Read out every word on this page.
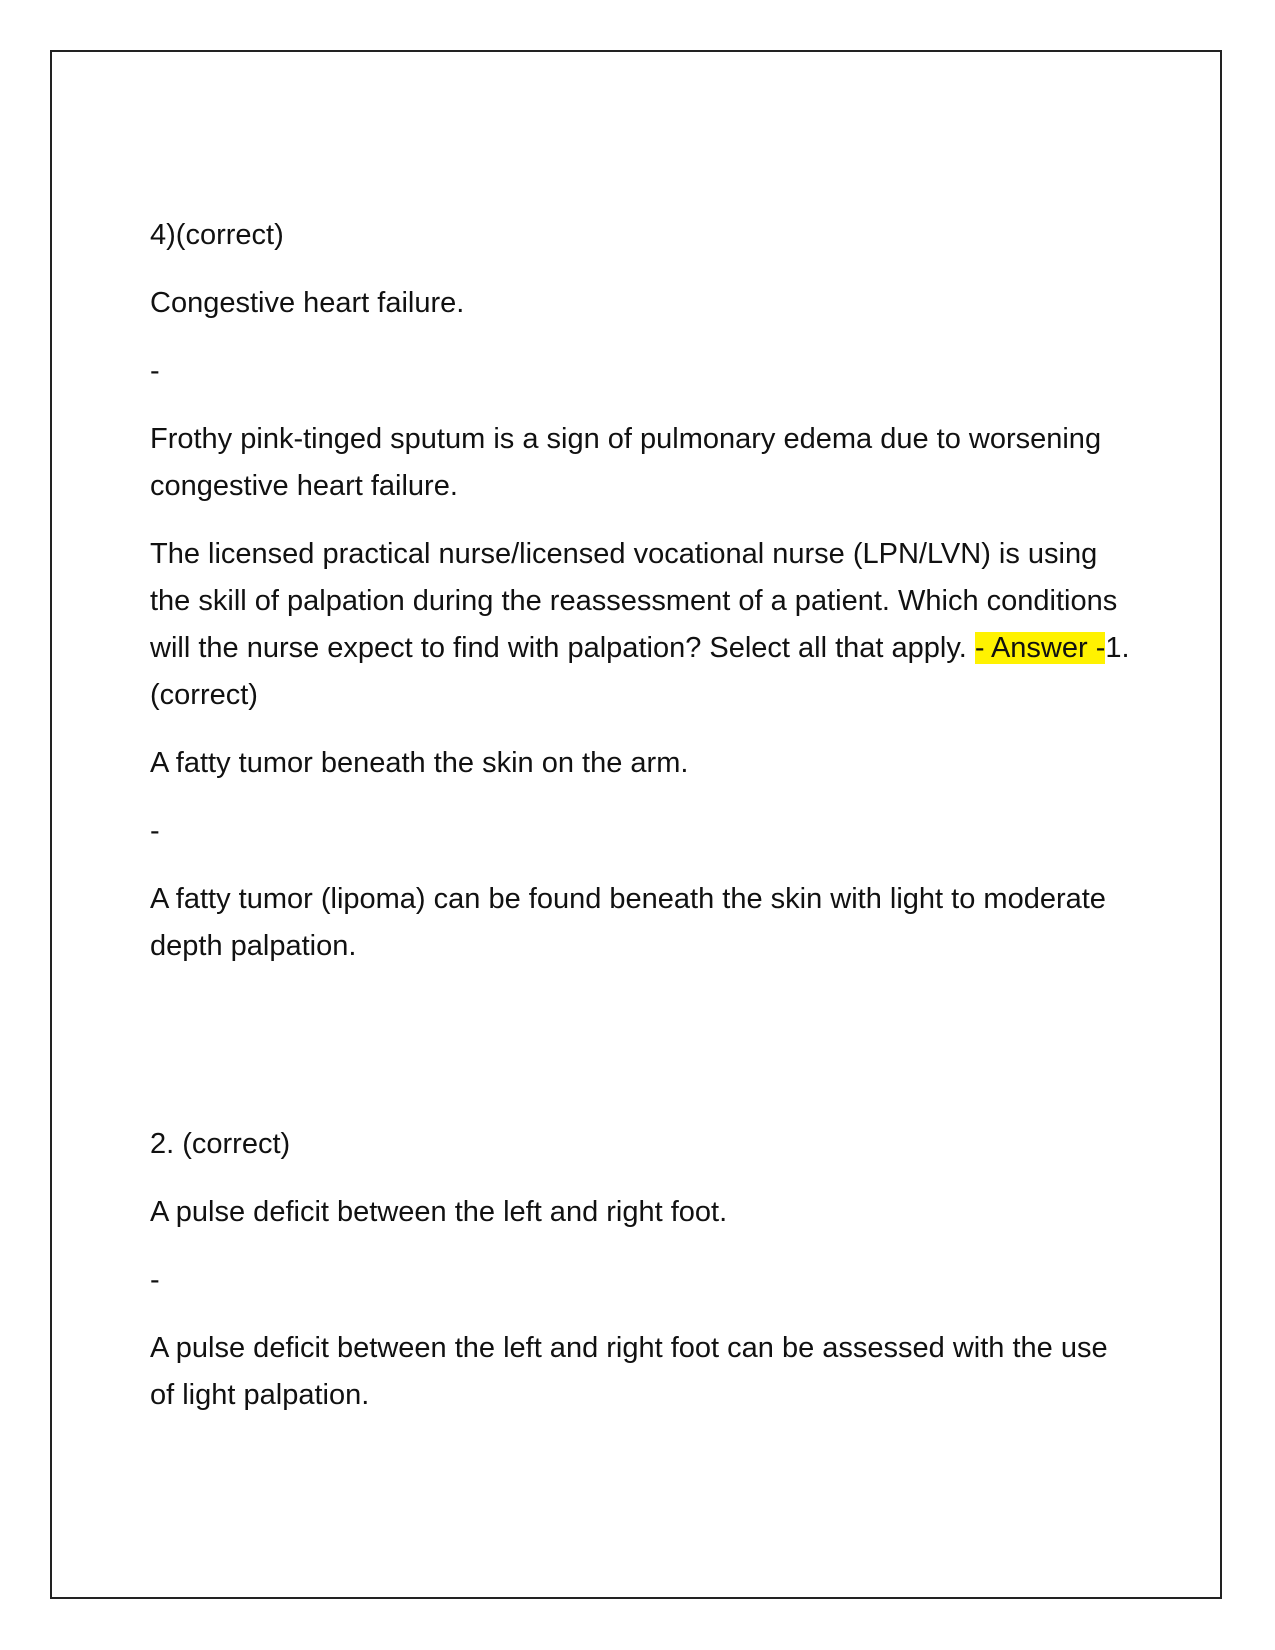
4)(correct)

Congestive heart failure.

-

Frothy pink-tinged sputum is a sign of pulmonary edema due to worsening congestive heart failure.

The licensed practical nurse/licensed vocational nurse (LPN/LVN) is using the skill of palpation during the reassessment of a patient. Which conditions will the nurse expect to find with palpation? Select all that apply. - Answer -1.(correct)

A fatty tumor beneath the skin on the arm.

-

A fatty tumor (lipoma) can be found beneath the skin with light to moderate depth palpation.

2. (correct)

A pulse deficit between the left and right foot.

-

A pulse deficit between the left and right foot can be assessed with the use of light palpation.
